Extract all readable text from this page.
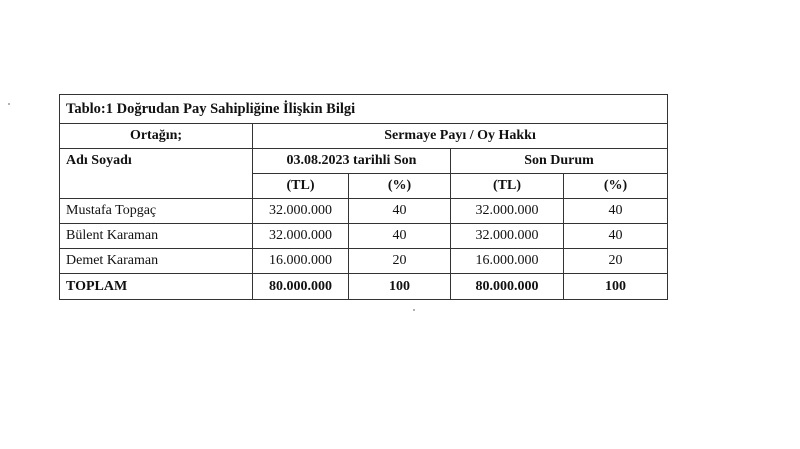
Tablo:1 Doğrudan Pay Sahipliğine İlişkin Bilgi				
Ortağın;	Sermaye Payı / Oy Hakkı			
Adı Soyadı	03.08.2023 tarihli Son		Son Durum	
	(TL)	(%)	(TL)	(%)
Mustafa Topgaç	32.000.000	40	32.000.000	40
Bülent Karaman	32.000.000	40	32.000.000	40
Demet Karaman	16.000.000	20	16.000.000	20
TOPLAM	80.000.000	100	80.000.000	100
